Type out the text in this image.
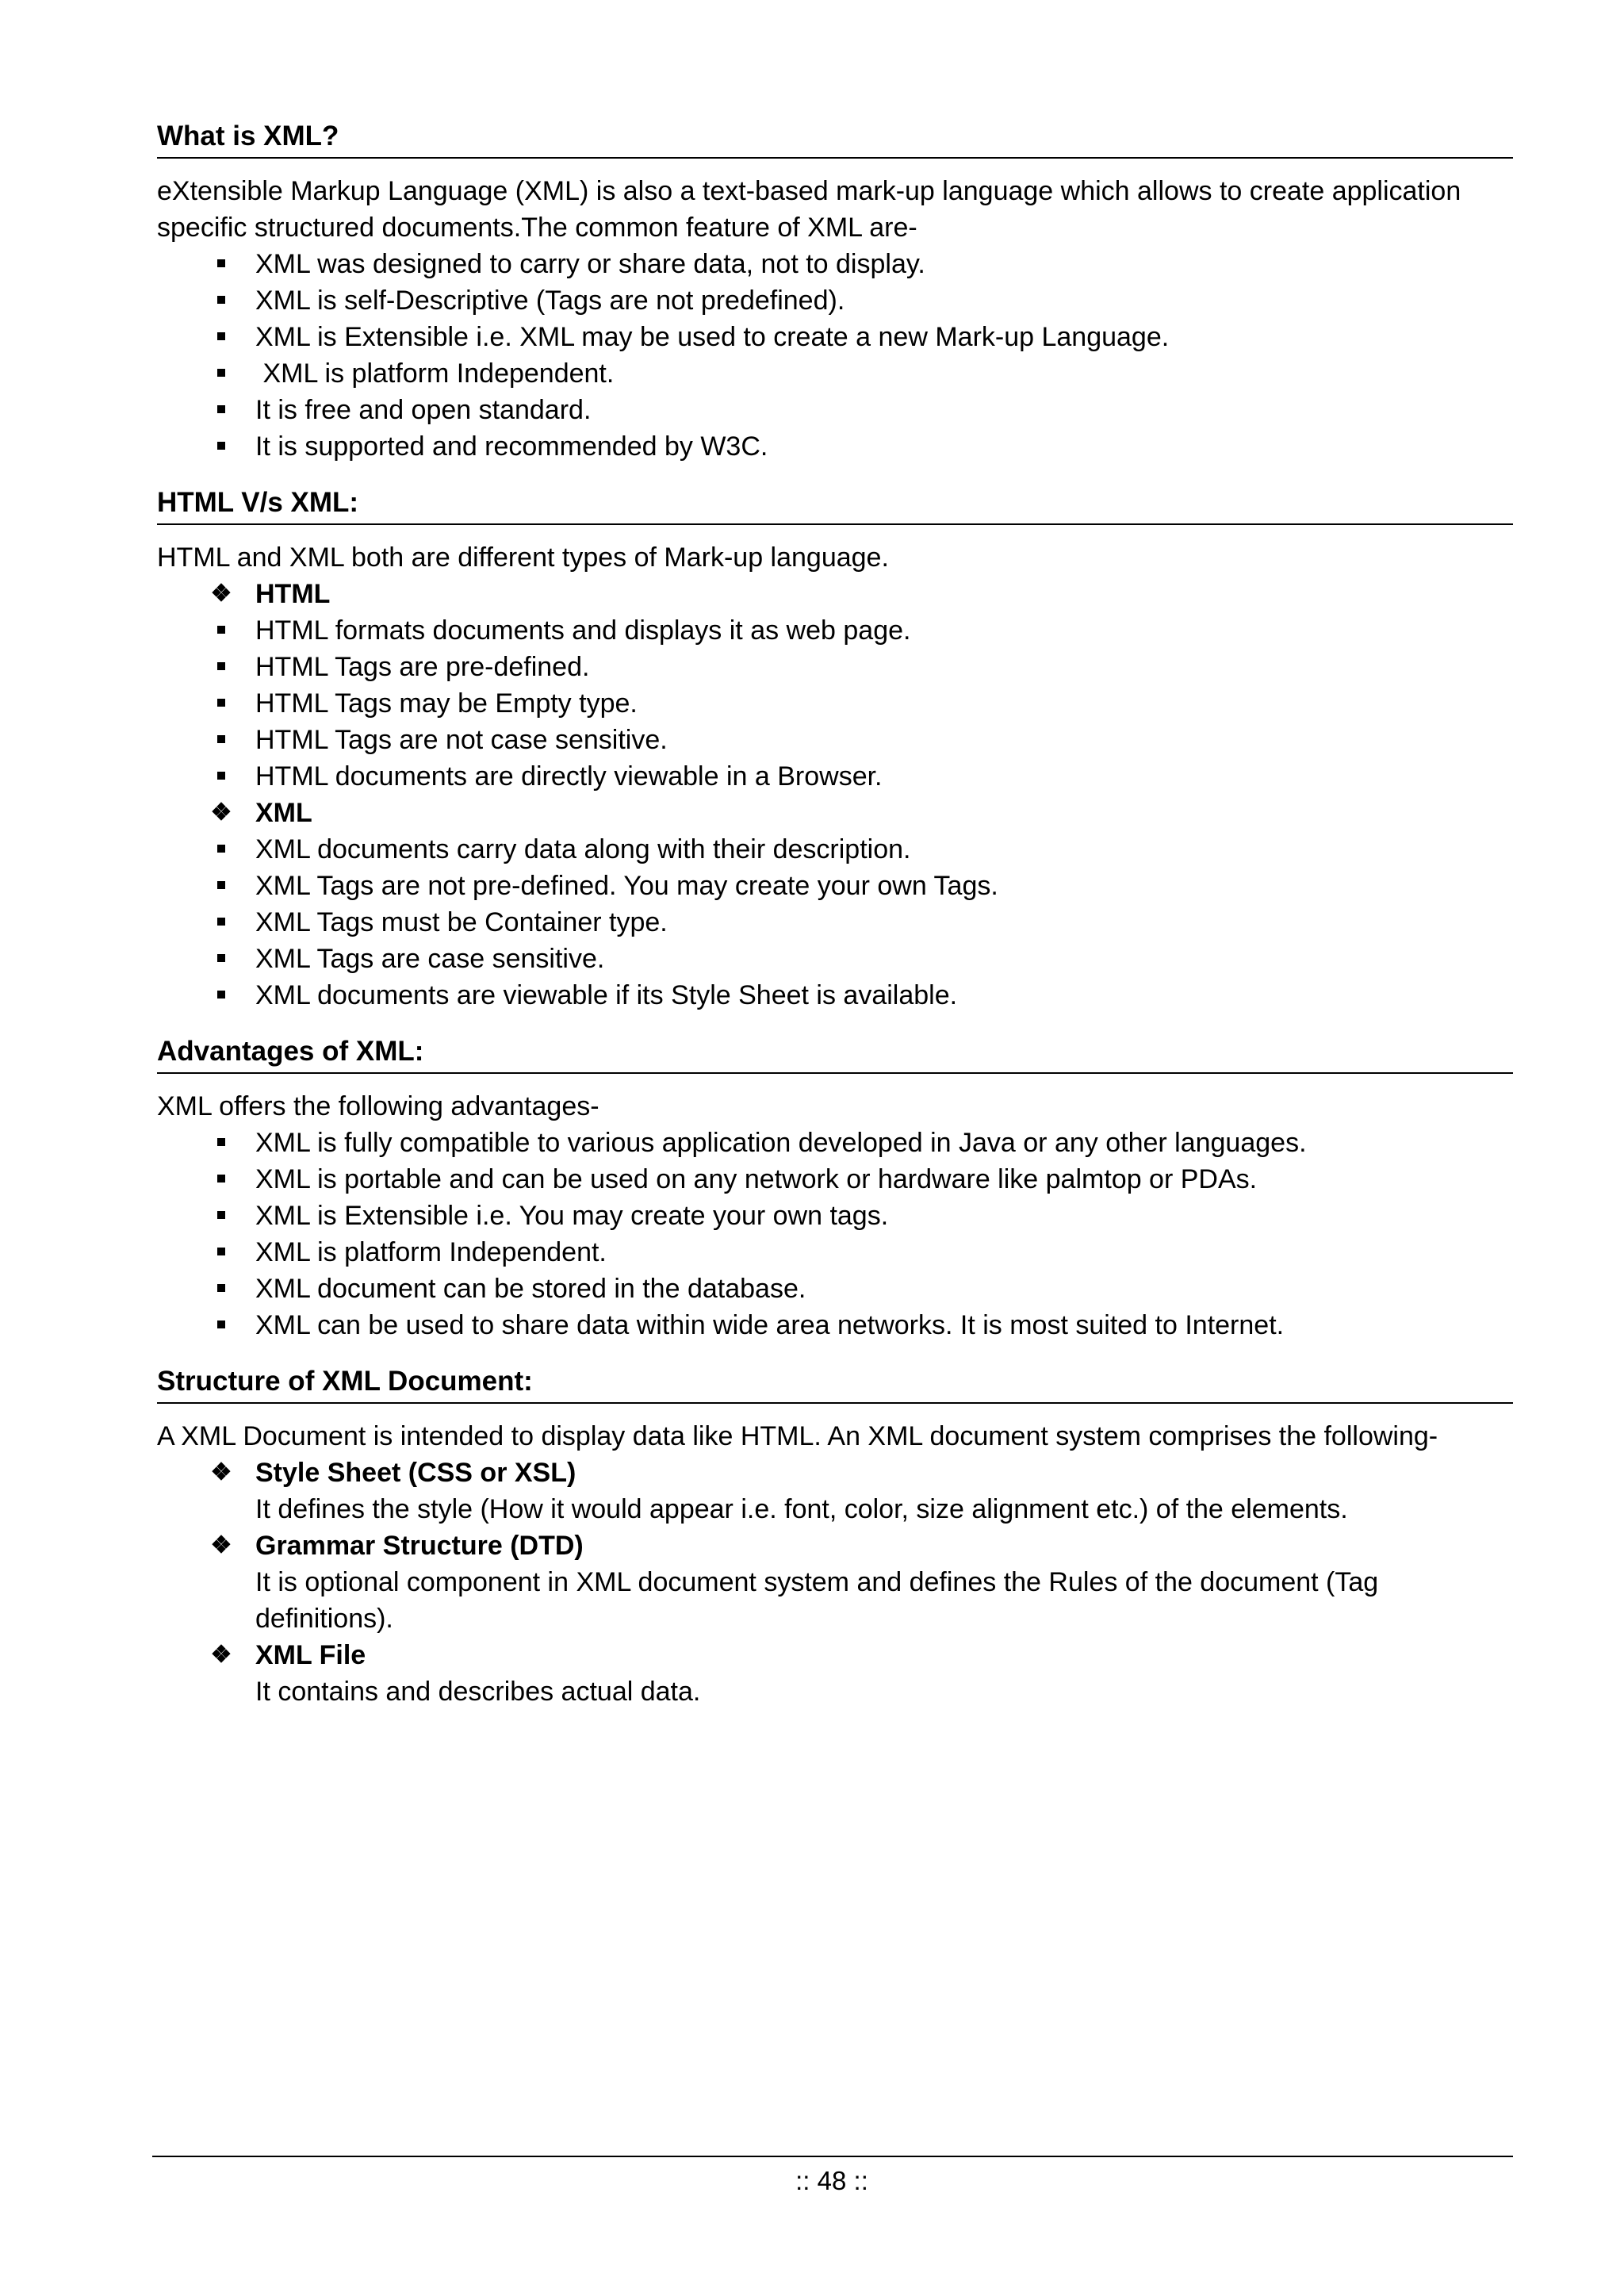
What is XML?

eXtensible Markup Language (XML) is also a text-based mark-up language which allows to create application specific structured documents.The common feature of XML are-

XML was designed to carry or share data, not to display.
XML is self-Descriptive (Tags are not predefined).
XML is Extensible i.e. XML may be used to create a new Mark-up Language.
XML is platform Independent.
It is free and open standard.
It is supported and recommended by W3C.
HTML V/s XML:

HTML and XML both are different types of Mark-up language.

❖ HTML
HTML formats documents and displays it as web page.
HTML Tags are pre-defined.
HTML Tags may be Empty type.
HTML Tags are not case sensitive.
HTML documents are directly viewable in a Browser.
❖ XML
XML documents carry data along with their description.
XML Tags are not pre-defined. You may create your own Tags.
XML Tags must be Container type.
XML Tags are case sensitive.
XML documents are viewable if its Style Sheet is available.
Advantages of XML:

XML offers the following advantages-

XML is fully compatible to various application developed in Java or any other languages.
XML is portable and can be used on any network or hardware like palmtop or PDAs.
XML is Extensible i.e. You may create your own tags.
XML is platform Independent.
XML document can be stored in the database.
XML can be used to share data within wide area networks. It is most suited to Internet.
Structure of XML Document:

A XML Document is intended to display data like HTML. An XML document system comprises the following-

❖ Style Sheet (CSS or XSL)
It defines the style (How it would appear i.e. font, color, size alignment etc.) of the elements.
❖ Grammar Structure (DTD)
It is optional component in XML document system and defines the Rules of the document (Tag definitions).
❖ XML File
It contains and describes actual data.
:: 48 ::
